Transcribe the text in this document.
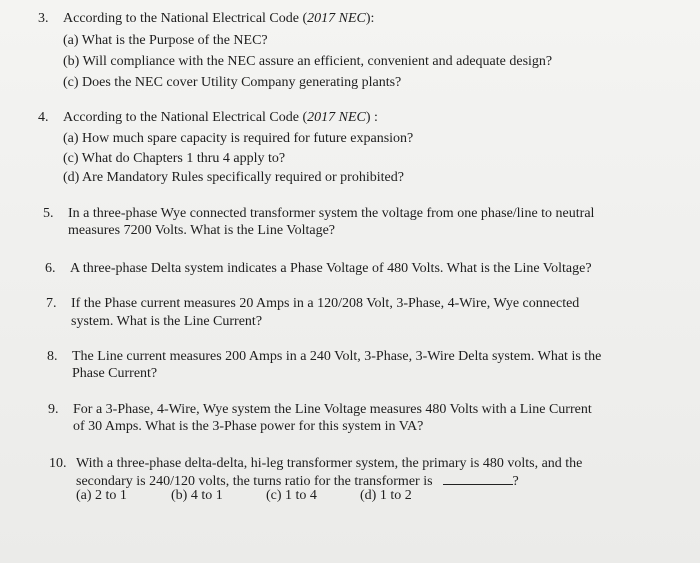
3. According to the National Electrical Code (2017 NEC):
(a) What is the Purpose of the NEC?
(b) Will compliance with the NEC assure an efficient, convenient and adequate design?
(c) Does the NEC cover Utility Company generating plants?
4. According to the National Electrical Code (2017 NEC) :
(a) How much spare capacity is required for future expansion?
(c) What do Chapters 1 thru 4 apply to?
(d) Are Mandatory Rules specifically required or prohibited?
5. In a three-phase Wye connected transformer system the voltage from one phase/line to neutral
measures 7200 Volts. What is the Line Voltage?
6. A three-phase Delta system indicates a Phase Voltage of 480 Volts. What is the Line Voltage?
7. If the Phase current measures 20 Amps in a 120/208 Volt, 3-Phase, 4-Wire, Wye connected
system. What is the Line Current?
8. The Line current measures 200 Amps in a 240 Volt, 3-Phase, 3-Wire Delta system. What is the
Phase Current?
9. For a 3-Phase, 4-Wire, Wye system the Line Voltage measures 480 Volts with a Line Current
of 30 Amps. What is the 3-Phase power for this system in VA?
10. With a three-phase delta-delta, hi-leg transformer system, the primary is 480 volts, and the
secondary is 240/120 volts, the turns ratio for the transformer is	?
(a) 2 to 1	(b) 4 to 1	(c) 1 to 4	(d) 1 to 2
